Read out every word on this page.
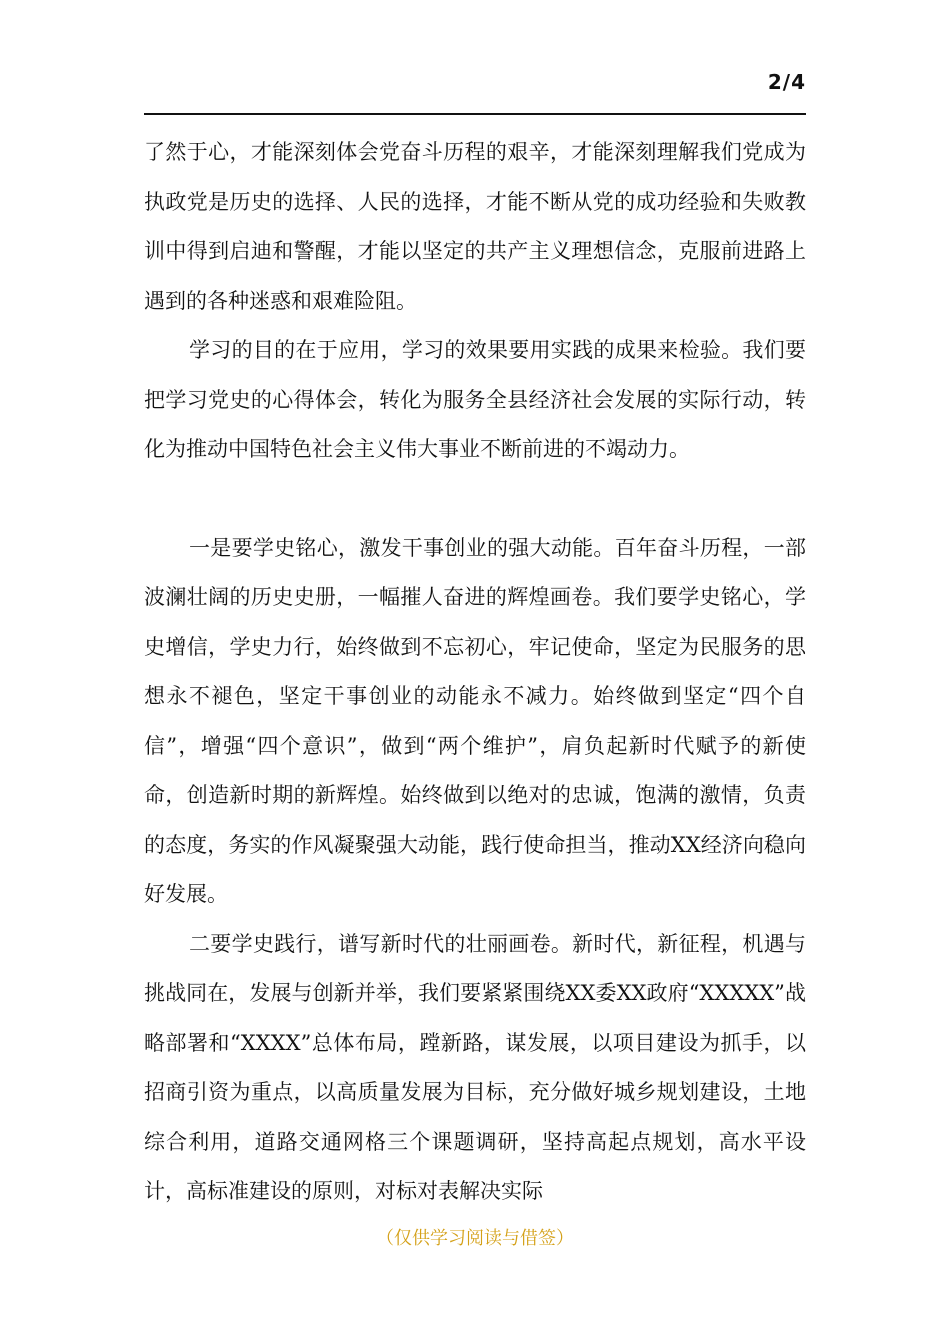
2/4

了然于心，才能深刻体会党奋斗历程的艰辛，才能深刻理解我们党成为执政党是历史的选择、人民的选择，才能不断从党的成功经验和失败教训中得到启迪和警醒，才能以坚定的共产主义理想信念，克服前进路上遇到的各种迷惑和艰难险阻。

学习的目的在于应用，学习的效果要用实践的成果来检验。我们要把学习党史的心得体会，转化为服务全县经济社会发展的实际行动，转化为推动中国特色社会主义伟大事业不断前进的不竭动力。

一是要学史铭心，激发干事创业的强大动能。百年奋斗历程，一部波澜壮阔的历史史册，一幅摧人奋进的辉煌画卷。我们要学史铭心，学史增信，学史力行，始终做到不忘初心，牢记使命，坚定为民服务的思想永不褪色，坚定干事创业的动能永不减力。始终做到坚定“四个自信”，增强“四个意识”，做到“两个维护”，肩负起新时代赋予的新使命，创造新时期的新辉煌。始终做到以绝对的忠诚，饱满的激情，负责的态度，务实的作风凝聚强大动能，践行使命担当，推动XX经济向稳向好发展。

二要学史践行，谱写新时代的壮丽画卷。新时代，新征程，机遇与挑战同在，发展与创新并举，我们要紧紧围绕XX委XX政府“XXXXX”战略部署和“XXXX”总体布局，蹚新路，谋发展，以项目建设为抓手，以招商引资为重点，以高质量发展为目标，充分做好城乡规划建设，土地综合利用，道路交通网格三个课题调研，坚持高起点规划，高水平设计，高标准建设的原则，对标对表解决实际

（仅供学习阅读与借签）
